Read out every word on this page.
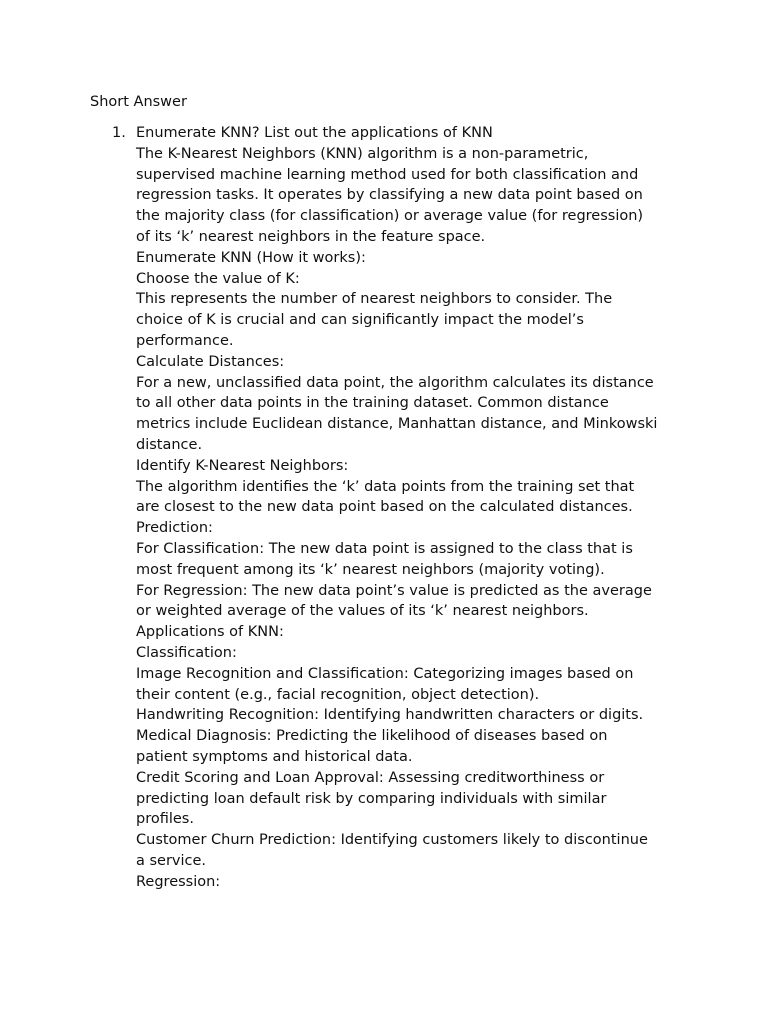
Short Answer
1. Enumerate KNN? List out the applications of KNN
The K-Nearest Neighbors (KNN) algorithm is a non-parametric,
supervised machine learning method used for both classification and
regression tasks. It operates by classifying a new data point based on
the majority class (for classification) or average value (for regression)
of its ‘k’ nearest neighbors in the feature space.
Enumerate KNN (How it works):
Choose the value of K:
This represents the number of nearest neighbors to consider. The
choice of K is crucial and can significantly impact the model’s
performance.
Calculate Distances:
For a new, unclassified data point, the algorithm calculates its distance
to all other data points in the training dataset. Common distance
metrics include Euclidean distance, Manhattan distance, and Minkowski
distance.
Identify K-Nearest Neighbors:
The algorithm identifies the ‘k’ data points from the training set that
are closest to the new data point based on the calculated distances.
Prediction:
For Classification: The new data point is assigned to the class that is
most frequent among its ‘k’ nearest neighbors (majority voting).
For Regression: The new data point’s value is predicted as the average
or weighted average of the values of its ‘k’ nearest neighbors.
Applications of KNN:
Classification:
Image Recognition and Classification: Categorizing images based on
their content (e.g., facial recognition, object detection).
Handwriting Recognition: Identifying handwritten characters or digits.
Medical Diagnosis: Predicting the likelihood of diseases based on
patient symptoms and historical data.
Credit Scoring and Loan Approval: Assessing creditworthiness or
predicting loan default risk by comparing individuals with similar
profiles.
Customer Churn Prediction: Identifying customers likely to discontinue
a service.
Regression:
